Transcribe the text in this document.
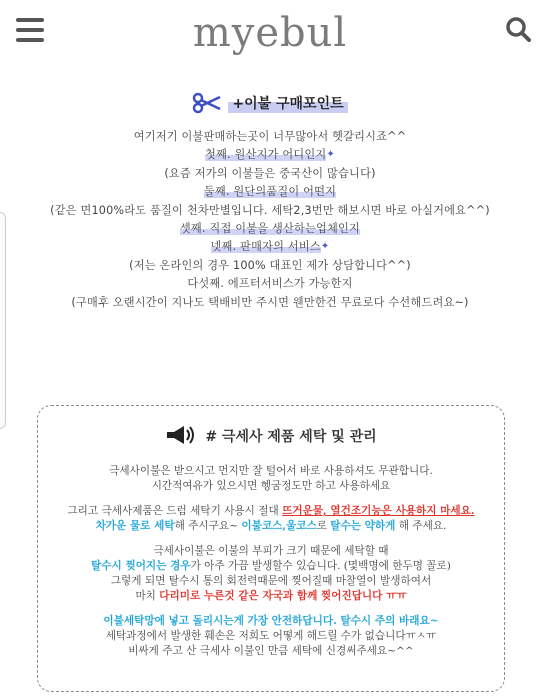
myebul
+이불 구매포인트
여기저기 이불판매하는곳이 너무많아서 헷갈리시죠^^
첫째. 원산지가 어디인지✦
(요즘 저가의 이불들은 중국산이 많습니다)
둘째. 원단의품질이 어떤지
(같은 면100%라도 품질이 천차만별입니다. 세탁2,3번만 해보시면 바로 아실거에요^^)
셋째. 직접 이불을 생산하는업체인지
넷째. 판매자의 서비스✦
(저는 온라인의 경우 100% 대표인 제가 상담합니다^^)
다섯째. 에프터서비스가 가능한지
(구매후 오랜시간이 지나도 택배비만 주시면 웬만한건 무료로다 수선해드려요~)
# 극세사 제품 세탁 및 관리
극세사이불은 받으시고 먼지만 잘 털어서 바로 사용하셔도 무관합니다.
시간적여유가 있으시면 헹굼정도만 하고 사용하세요
그리고 극세사제품은 드럼 세탁기 사용시 절대 뜨거운물, 열건조기능은 사용하지 마세요.
차가운 물로 세탁해 주시구요~ 이불코스,울코스로 탈수는 약하게 해 주세요.
극세사이불은 이불의 부피가 크기 때문에 세탁할 때
탈수시 찢어지는 경우가 아주 가끔 발생할수 있습니다. (몇백명에 한두명 꼴로)
그렇게 되면 탈수시 통의 회전력때문에 찢어질때 마찰열이 발생하여서
마치 다리미로 누른것 같은 자국과 함께 찢어진답니다 ㅠㅠ
이불세탁망에 넣고 돌리시는게 가장 안전하답니다. 탈수시 주의 바래요~
세탁과정에서 발생한 훼손은 저희도 어떻게 해드릴 수가 없습니다ㅠㅅㅠ
비싸게 주고 산 극세사 이불인 만큼 세탁에 신경써주세요~^^
